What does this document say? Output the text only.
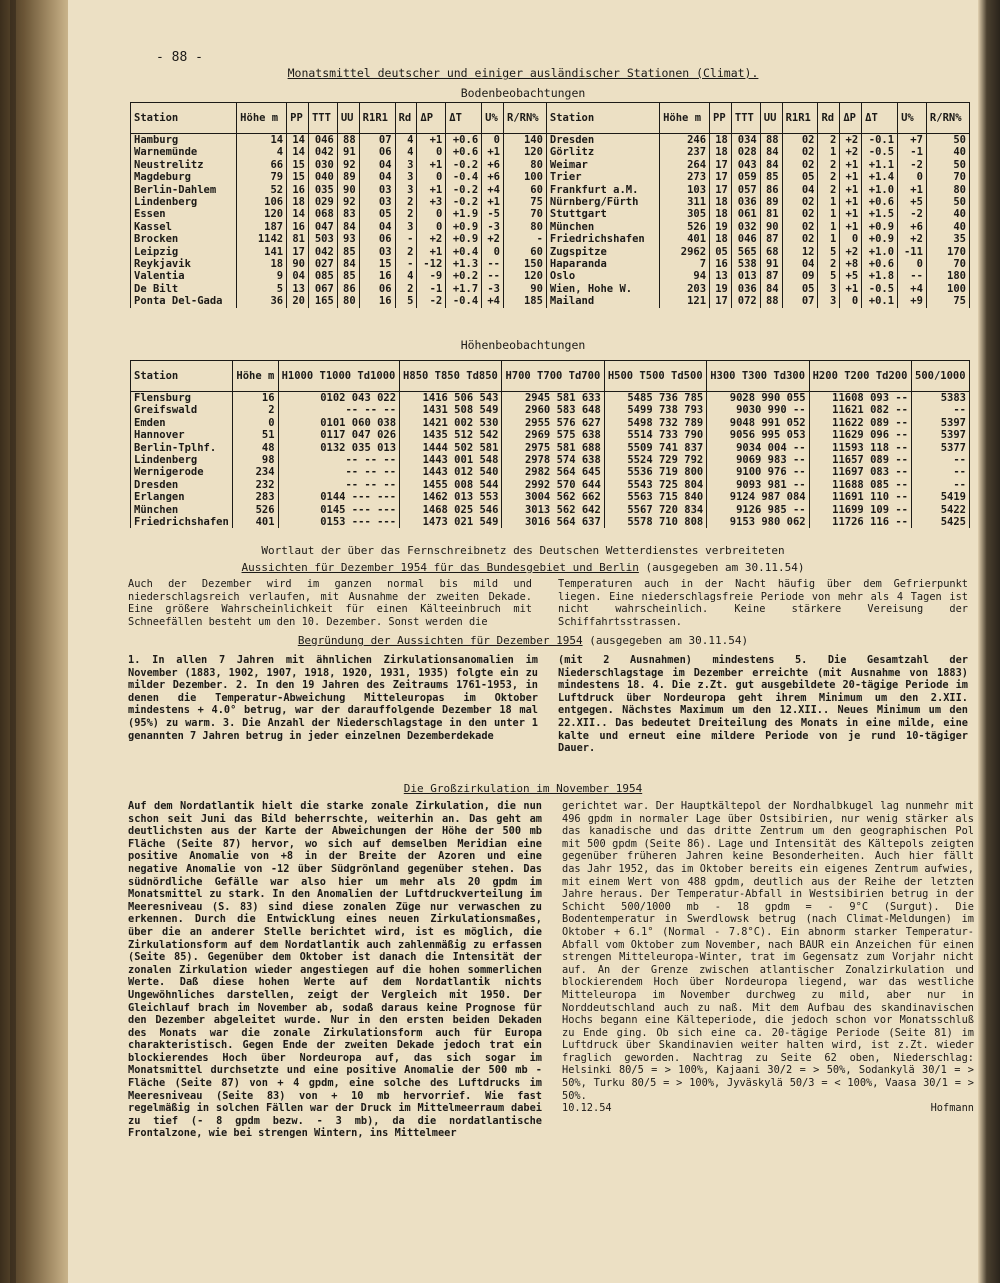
- 88 -
Monatsmittel deutscher und einiger ausländischer Stationen (Climat).
Bodenbeobachtungen
Station	Höhe m	PP	TTT	UU	R1R1	Rd	ΔP	ΔT	U%	R/RN%	Station	Höhe m	PP	TTT	UU	R1R1	Rd	ΔP	ΔT	U%	R/RN%
Hamburg	14	14	046	88	07	4	+1	+0.6	0	140	Dresden	246	18	034	88	02	2	+2	-0.1	+7	50
Warnemünde	4	14	042	91	06	4	0	+0.6	+1	120	Görlitz	237	18	028	84	02	1	+2	-0.5	-1	40
Neustrelitz	66	15	030	92	04	3	+1	-0.2	+6	80	Weimar	264	17	043	84	02	2	+1	+1.1	-2	50
Magdeburg	79	15	040	89	04	3	0	-0.4	+6	100	Trier	273	17	059	85	05	2	+1	+1.4	0	70
Berlin-Dahlem	52	16	035	90	03	3	+1	-0.2	+4	60	Frankfurt a.M.	103	17	057	86	04	2	+1	+1.0	+1	80
Lindenberg	106	18	029	92	03	2	+3	-0.2	+1	75	Nürnberg/Fürth	311	18	036	89	02	1	+1	+0.6	+5	50
Essen	120	14	068	83	05	2	0	+1.9	-5	70	Stuttgart	305	18	061	81	02	1	+1	+1.5	-2	40
Kassel	187	16	047	84	04	3	0	+0.9	-3	80	München	526	19	032	90	02	1	+1	+0.9	+6	40
Brocken	1142	81	503	93	06	-	+2	+0.9	+2	-	Friedrichshafen	401	18	046	87	02	1	0	+0.9	+2	35
Leipzig	141	17	042	85	03	2	+1	+0.4	0	60	Zugspitze	2962	05	565	68	12	5	+2	+1.0	-11	170
Reykjavik	18	90	027	84	15	-	-12	+1.3	--	150	Haparanda	7	16	538	91	04	2	+8	+0.6	0	70
Valentia	9	04	085	85	16	4	-9	+0.2	--	120	Oslo	94	13	013	87	09	5	+5	+1.8	--	180
De Bilt	5	13	067	86	06	2	-1	+1.7	-3	90	Wien, Hohe W.	203	19	036	84	05	3	+1	-0.5	+4	100
Ponta Del-Gada	36	20	165	80	16	5	-2	-0.4	+4	185	Mailand	121	17	072	88	07	3	0	+0.1	+9	75
Höhenbeobachtungen
Station	Höhe m	H1000 T1000 Td1000	H850 T850 Td850	H700 T700 Td700	H500 T500 Td500	H300 T300 Td300	H200 T200 Td200	500/1000
Flensburg	16	0102 043 022	1416 506 543	2945 581 633	5485 736 785	9028 990 055	11608 093 --	5383
Greifswald	2	-- -- --	1431 508 549	2960 583 648	5499 738 793	9030 990 --	11621 082 --	--
Emden	0	0101 060 038	1421 002 530	2955 576 627	5498 732 789	9048 991 052	11622 089 --	5397
Hannover	51	0117 047 026	1435 512 542	2969 575 638	5514 733 790	9056 995 053	11629 096 --	5397
Berlin-Tplhf.	48	0132 035 013	1444 502 581	2975 581 688	5509 741 837	9034 004 --	11593 118 --	5377
Lindenberg	98	-- -- --	1443 001 548	2978 574 638	5524 729 792	9069 983 --	11657 089 --	--
Wernigerode	234	-- -- --	1443 012 540	2982 564 645	5536 719 800	9100 976 --	11697 083 --	--
Dresden	232	-- -- --	1455 008 544	2992 570 644	5543 725 804	9093 981 --	11688 085 --	--
Erlangen	283	0144 --- ---	1462 013 553	3004 562 662	5563 715 840	9124 987 084	11691 110 --	5419
München	526	0145 --- ---	1468 025 546	3013 562 642	5567 720 834	9126 985 --	11699 109 --	5422
Friedrichshafen	401	0153 --- ---	1473 021 549	3016 564 637	5578 710 808	9153 980 062	11726 116 --	5425
Wortlaut der über das Fernschreibnetz des Deutschen Wetterdienstes verbreiteten
Aussichten für Dezember 1954 für das Bundesgebiet und Berlin (ausgegeben am 30.11.54)
Auch der Dezember wird im ganzen normal bis mild und niederschlagsreich verlaufen, mit Ausnahme der zweiten Dekade. Eine größere Wahrscheinlichkeit für einen Kälteeinbruch mit Schneefällen besteht um den 10. Dezember. Sonst werden die
Temperaturen auch in der Nacht häufig über dem Gefrierpunkt liegen. Eine niederschlagsfreie Periode von mehr als 4 Tagen ist nicht wahrscheinlich. Keine stärkere Vereisung der Schiffahrtsstrassen.
Begründung der Aussichten für Dezember 1954 (ausgegeben am 30.11.54)
1. In allen 7 Jahren mit ähnlichen Zirkulationsanomalien im November (1883, 1902, 1907, 1918, 1920, 1931, 1935) folgte ein zu milder Dezember. 2. In den 19 Jahren des Zeitraums 1761-1953, in denen die Temperatur-Abweichung Mitteleuropas im Oktober mindestens + 4.0° betrug, war der darauffolgende Dezember 18 mal (95%) zu warm. 3. Die Anzahl der Niederschlagstage in den unter 1 genannten 7 Jahren betrug in jeder einzelnen Dezemberdekade
(mit 2 Ausnahmen) mindestens 5. Die Gesamtzahl der Niederschlagstage im Dezember erreichte (mit Ausnahme von 1883) mindestens 18. 4. Die z.Zt. gut ausgebildete 20-tägige Periode im Luftdruck über Nordeuropa geht ihrem Minimum um den 2.XII. entgegen. Nächstes Maximum um den 12.XII.. Neues Minimum um den 22.XII.. Das bedeutet Dreiteilung des Monats in eine milde, eine kalte und erneut eine mildere Periode von je rund 10-tägiger Dauer.
Die Großzirkulation im November 1954
Auf dem Nordatlantik hielt die starke zonale Zirkulation, die nun schon seit Juni das Bild beherrschte, weiterhin an. Das geht am deutlichsten aus der Karte der Abweichungen der Höhe der 500 mb Fläche (Seite 87) hervor, wo sich auf demselben Meridian eine positive Anomalie von +8 in der Breite der Azoren und eine negative Anomalie von -12 über Südgrönland gegenüber stehen. Das südnördliche Gefälle war also hier um mehr als 20 gpdm im Monatsmittel zu stark. In den Anomalien der Luftdruckverteilung im Meeresniveau (S. 83) sind diese zonalen Züge nur verwaschen zu erkennen. Durch die Entwicklung eines neuen Zirkulationsmaßes, über die an anderer Stelle berichtet wird, ist es möglich, die Zirkulationsform auf dem Nordatlantik auch zahlenmäßig zu erfassen (Seite 85). Gegenüber dem Oktober ist danach die Intensität der zonalen Zirkulation wieder angestiegen auf die hohen sommerlichen Werte. Daß diese hohen Werte auf dem Nordatlantik nichts Ungewöhnliches darstellen, zeigt der Vergleich mit 1950. Der Gleichlauf brach im November ab, sodaß daraus keine Prognose für den Dezember abgeleitet wurde. Nur in den ersten beiden Dekaden des Monats war die zonale Zirkulationsform auch für Europa charakteristisch. Gegen Ende der zweiten Dekade jedoch trat ein blockierendes Hoch über Nordeuropa auf, das sich sogar im Monatsmittel durchsetzte und eine positive Anomalie der 500 mb -Fläche (Seite 87) von + 4 gpdm, eine solche des Luftdrucks im Meeresniveau (Seite 83) von + 10 mb hervorrief. Wie fast regelmäßig in solchen Fällen war der Druck im Mittelmeerraum dabei zu tief (- 8 gpdm bezw. - 3 mb), da die nordatlantische Frontalzone, wie bei strengen Wintern, ins Mittelmeer

gerichtet war. Der Hauptkältepol der Nordhalbkugel lag nunmehr mit 496 gpdm in normaler Lage über Ostsibirien, nur wenig stärker als das kanadische und das dritte Zentrum um den geographischen Pol mit 500 gpdm (Seite 86). Lage und Intensität des Kältepols zeigten gegenüber früheren Jahren keine Besonderheiten. Auch hier fällt das Jahr 1952, das im Oktober bereits ein eigenes Zentrum aufwies, mit einem Wert von 488 gpdm, deutlich aus der Reihe der letzten Jahre heraus. Der Temperatur-Abfall in Westsibirien betrug in der Schicht 500/1000 mb - 18 gpdm = - 9°C (Surgut). Die Bodentemperatur in Swerdlowsk betrug (nach Climat-Meldungen) im Oktober + 6.1° (Normal - 7.8°C). Ein abnorm starker Temperatur-Abfall vom Oktober zum November, nach BAUR ein Anzeichen für einen strengen Mitteleuropa-Winter, trat im Gegensatz zum Vorjahr nicht auf. An der Grenze zwischen atlantischer Zonalzirkulation und blockierendem Hoch über Nordeuropa liegend, war das westliche Mitteleuropa im November durchweg zu mild, aber nur in Norddeutschland auch zu naß. Mit dem Aufbau des skandinavischen Hochs begann eine Kälteperiode, die jedoch schon vor Monatsschluß zu Ende ging. Ob sich eine ca. 20-tägige Periode (Seite 81) im Luftdruck über Skandinavien weiter halten wird, ist z.Zt. wieder fraglich geworden. Nachtrag zu Seite 62 oben, Niederschlag: Helsinki 80/5 = > 100%, Kajaani 30/2 = > 50%, Sodankylä 30/1 = > 50%, Turku 80/5 = > 100%, Jyväskylä 50/3 = < 100%, Vaasa 30/1 = > 50%.

10.12.54	Hofmann
